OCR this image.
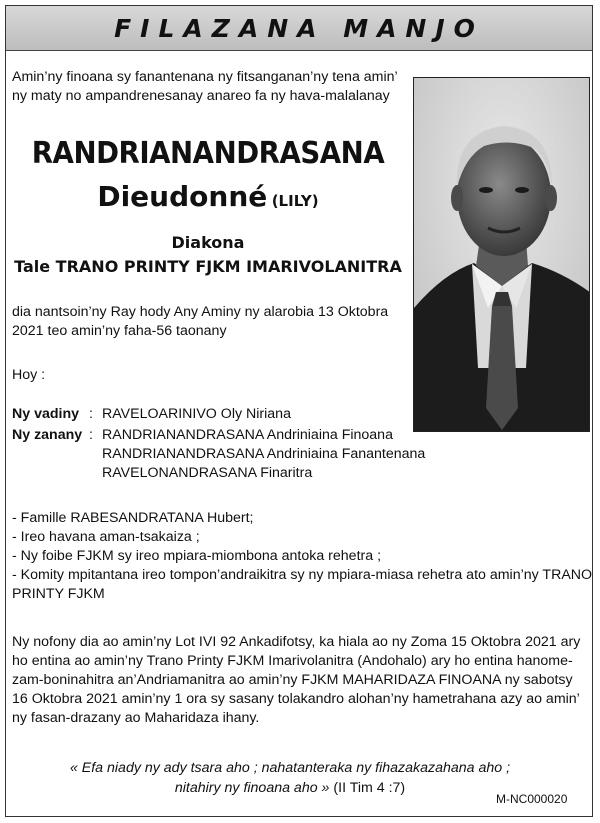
FILAZANA MANJO
Amin’ny finoana sy fanantenana ny fitsanganan’ny tena amin’
ny maty no ampandrenesanay anareo fa ny hava-malalanay
RANDRIANANDRASANA
Dieudonné (LILY)
Diakona
Tale TRANO PRINTY FJKM IMARIVOLANITRA
dia nantsoin’ny Ray hody Any Aminy ny alarobia 13 Oktobra
2021 teo amin’ny faha-56 taonany
Hoy :
Ny vadiny : RAVELOARINIVO Oly Niriana
Ny zanany : RANDRIANANDRASANA Andriniaina Finoana
RANDRIANANDRASANA Andriniaina Fanantenana
RAVELONANDRASANA Finaritra
- Famille RABESANDRATANA Hubert;
- Ireo havana aman-tsakaiza ;
- Ny foibe FJKM sy ireo mpiara-miombona antoka rehetra ;
- Komity mpitantana ireo tompon’andraikitra sy ny mpiara-miasa rehetra ato amin’ny TRANO
PRINTY FJKM
Ny nofony dia ao amin’ny Lot IVI 92 Ankadifotsy, ka hiala ao ny Zoma 15 Oktobra 2021 ary
ho entina ao amin’ny Trano Printy FJKM Imarivolanitra (Andohalo) ary ho entina hanome-
zam-boninahitra an’Andriamanitra ao amin’ny FJKM MAHARIDAZA FINOANA ny sabotsy
16 Oktobra 2021 amin’ny 1 ora sy sasany tolakandro alohan’ny hametrahana azy ao amin’
ny fasan-drazany ao Maharidaza ihany.
« Efa niady ny ady tsara aho ; nahatanteraka ny fihazakazahana aho ;
nitahiry ny finoana aho » (II Tim 4 :7)
M-NC000020
